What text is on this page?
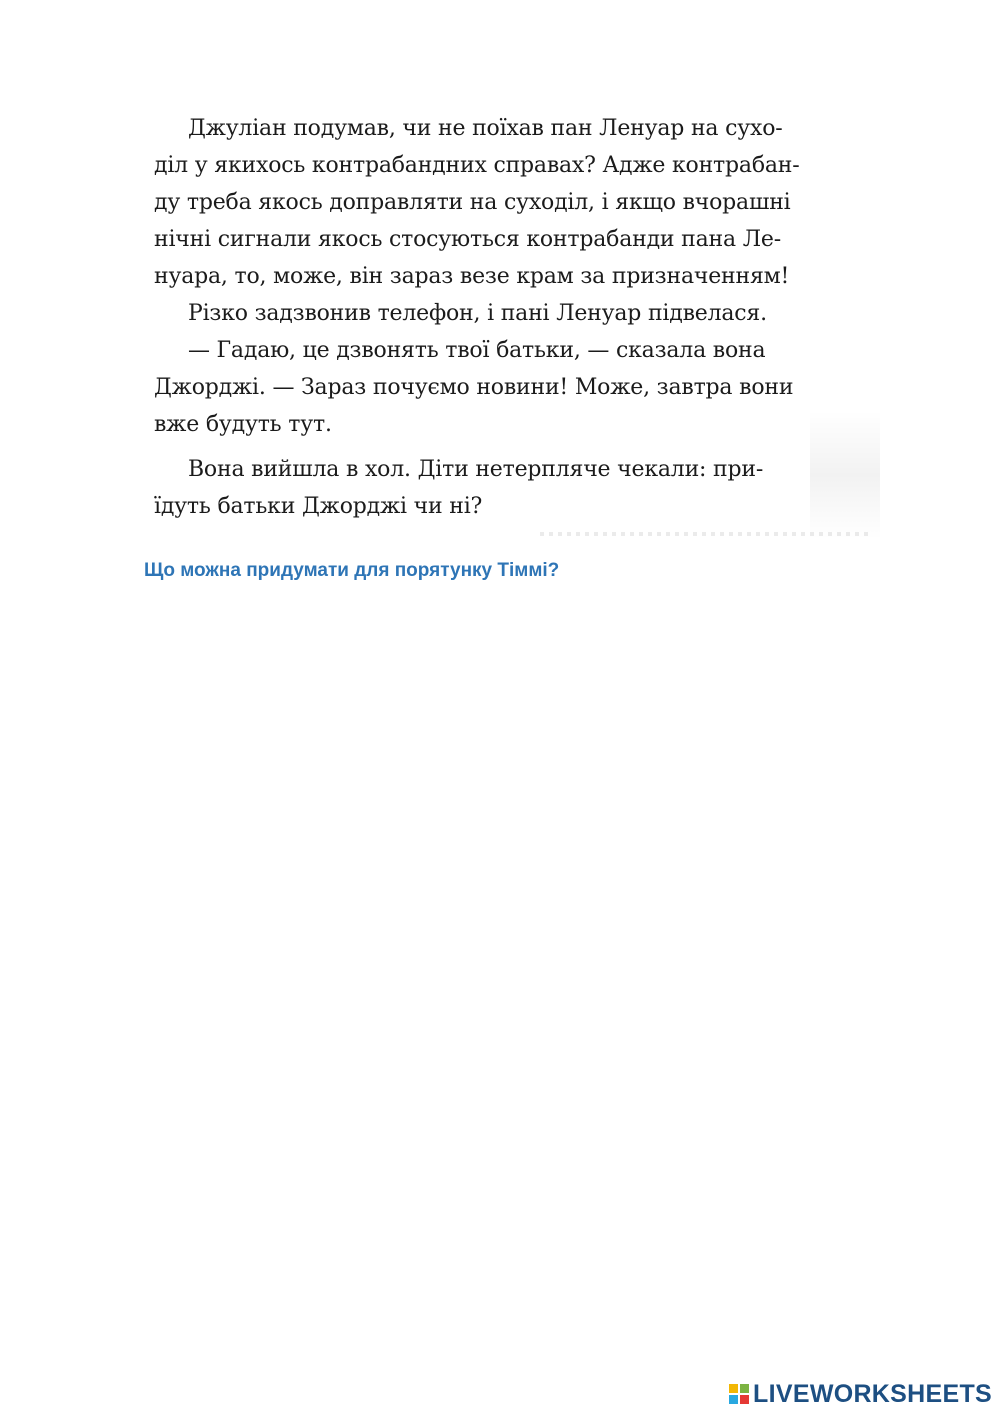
Джуліан подумав, чи не поїхав пан Ленуар на сухо-
діл у якихось контрабандних справах? Адже контрабан-
ду треба якось доправляти на суходіл, і якщо вчорашні
нічні сигнали якось стосуються контрабанди пана Ле-
нуара, то, може, він зараз везе крам за призначенням!
Різко задзвонив телефон, і пані Ленуар підвелася.
— Гадаю, це дзвонять твої батьки, — сказала вона
Джорджі. — Зараз почуємо новини! Може, завтра вони
вже будуть тут.
Вона вийшла в хол. Діти нетерпляче чекали: при-
їдуть батьки Джорджі чи ні?
Що можна придумати для порятунку Тіммі?
LIVEWORKSHEETS
